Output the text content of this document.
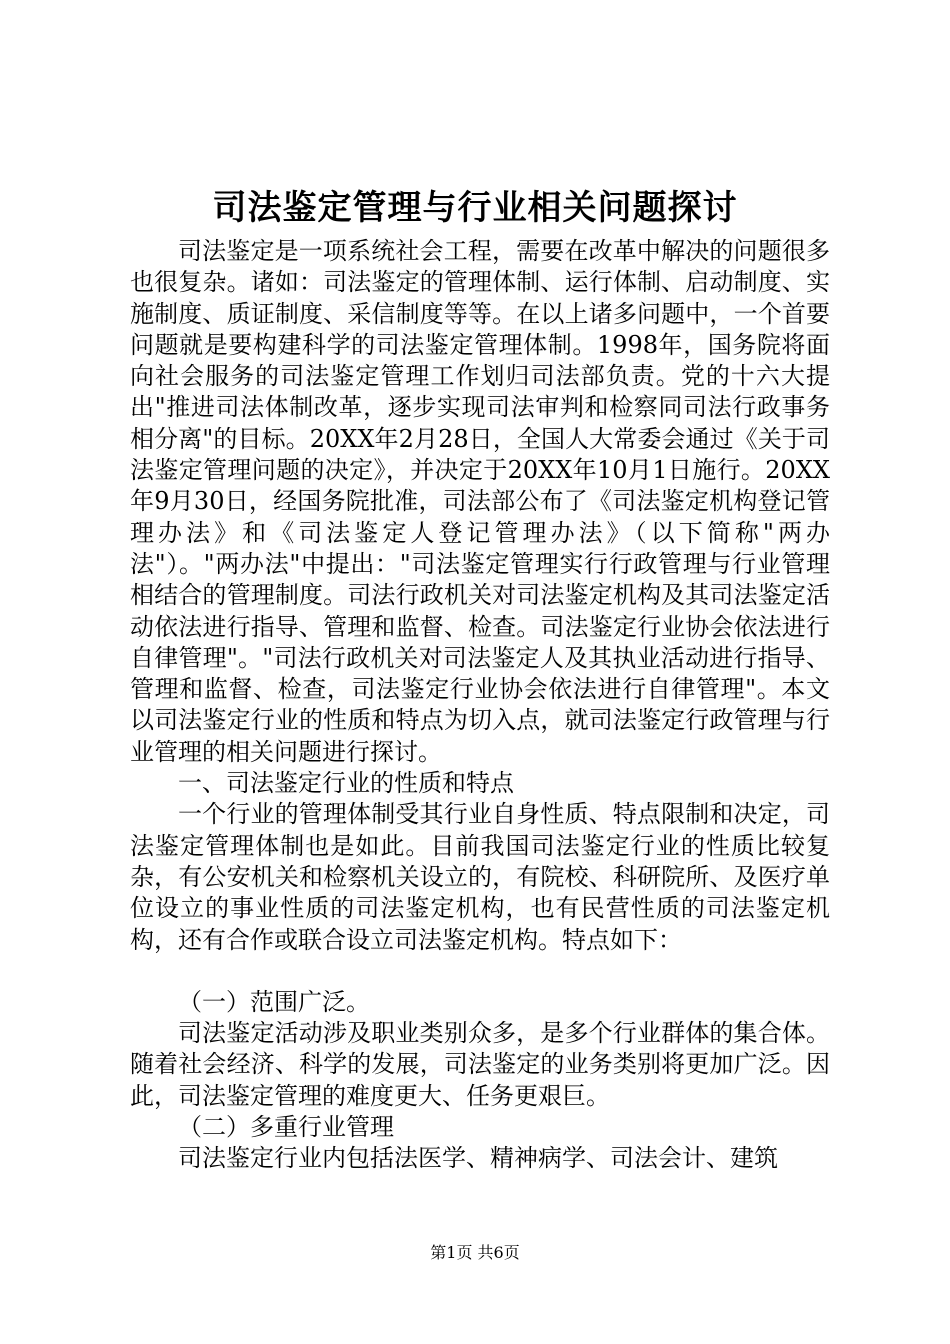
司法鉴定管理与行业相关问题探讨

司法鉴定是一项系统社会工程，需要在改革中解决的问题很多也很复杂。诸如：司法鉴定的管理体制、运行体制、启动制度、实施制度、质证制度、采信制度等等。在以上诸多问题中，一个首要问题就是要构建科学的司法鉴定管理体制。1998年，国务院将面向社会服务的司法鉴定管理工作划归司法部负责。党的十六大提出"推进司法体制改革，逐步实现司法审判和检察同司法行政事务相分离"的目标。20XX年2月28日，全国人大常委会通过《关于司法鉴定管理问题的决定》，并决定于20XX年10月1日施行。20XX年9月30日，经国务院批准，司法部公布了《司法鉴定机构登记管理办法》和《司法鉴定人登记管理办法》（以下简称"两办法"）。"两办法"中提出："司法鉴定管理实行行政管理与行业管理相结合的管理制度。司法行政机关对司法鉴定机构及其司法鉴定活动依法进行指导、管理和监督、检查。司法鉴定行业协会依法进行自律管理"。"司法行政机关对司法鉴定人及其执业活动进行指导、管理和监督、检查，司法鉴定行业协会依法进行自律管理"。本文以司法鉴定行业的性质和特点为切入点，就司法鉴定行政管理与行业管理的相关问题进行探讨。

一、司法鉴定行业的性质和特点

一个行业的管理体制受其行业自身性质、特点限制和决定，司法鉴定管理体制也是如此。目前我国司法鉴定行业的性质比较复杂，有公安机关和检察机关设立的，有院校、科研院所、及医疗单位设立的事业性质的司法鉴定机构，也有民营性质的司法鉴定机构，还有合作或联合设立司法鉴定机构。特点如下：

（一）范围广泛。

司法鉴定活动涉及职业类别众多，是多个行业群体的集合体。随着社会经济、科学的发展，司法鉴定的业务类别将更加广泛。因此，司法鉴定管理的难度更大、任务更艰巨。

（二）多重行业管理

司法鉴定行业内包括法医学、精神病学、司法会计、建筑

第1页 共6页
